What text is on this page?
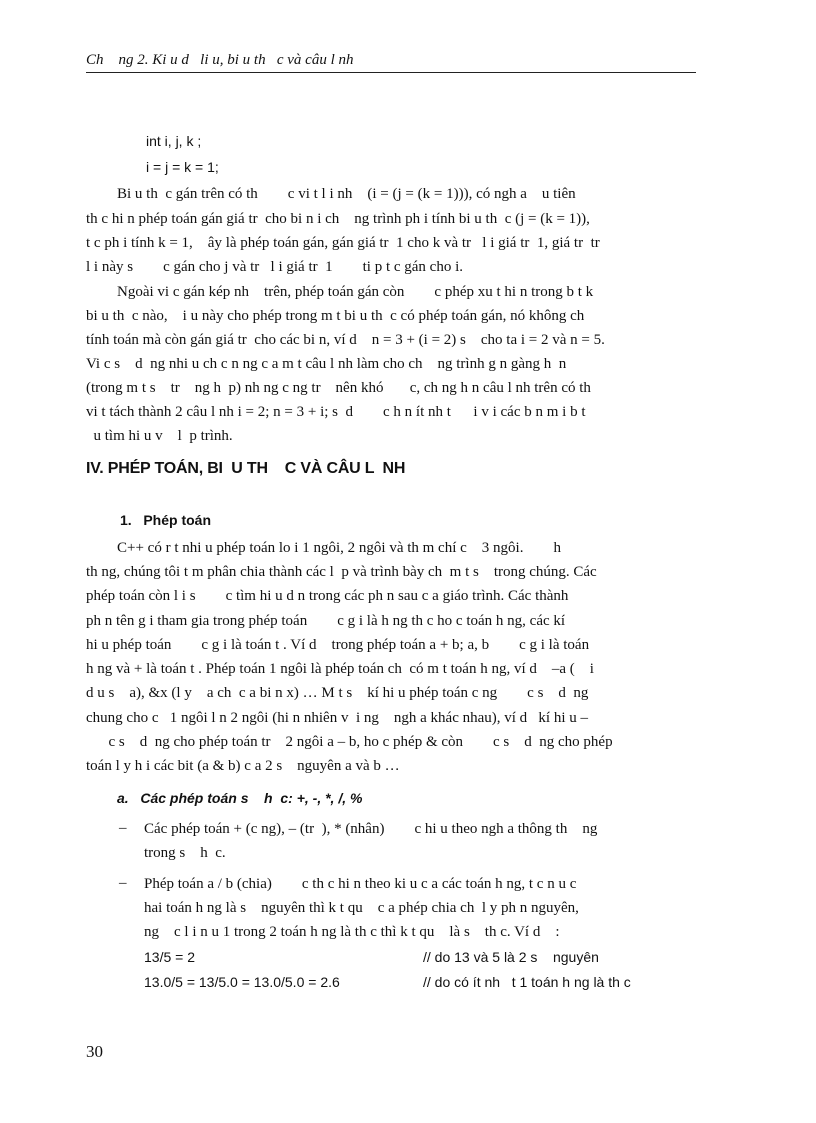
Ch    ng 2. Ki u d   li u, bi u th   c và câu l nh
int i, j, k ;
i = j = k = 1;
Bi u th  c gán trên có th        c vi t l i nh    (i = (j = (k = 1))), có ngh a    u tiên
th c hi n phép toán gán giá tr  cho bi n i ch    ng trình ph i tính bi u th  c (j = (k = 1)),
t c ph i tính k = 1,    ây là phép toán gán, gán giá tr  1 cho k và tr   l i giá tr  1, giá tr  tr
l i này s        c gán cho j và tr   l i giá tr  1        ti p t c gán cho i.
Ngoài vi c gán kép nh    trên, phép toán gán còn        c phép xu t hi n trong b t k
bi u th  c nào,    i u này cho phép trong m t bi u th  c có phép toán gán, nó không ch
tính toán mà còn gán giá tr  cho các bi n, ví d    n = 3 + (i = 2) s    cho ta i = 2 và n = 5.
Vi c s    d  ng nhi u ch c n ng c a m t câu l nh làm cho ch    ng trình g n gàng h  n
(trong m t s    tr    ng h  p) nh ng c ng tr    nên khó       c, ch ng h n câu l nh trên có th
vi t tách thành 2 câu l nh i = 2; n = 3 + i; s  d        c h n ít nh t      i v i các b n m i b t
u tìm hi u v    l  p trình.
IV. PHÉP TOÁN, BI  U TH    C VÀ CÂU L  NH
1.   Phép toán
C++ có r t nhi u phép toán lo i 1 ngôi, 2 ngôi và th m chí c    3 ngôi.        h
th ng, chúng tôi t m phân chia thành các l  p và trình bày ch  m t s    trong chúng. Các
phép toán còn l i s        c tìm hi u d n trong các ph n sau c a giáo trình. Các thành
ph n tên g i tham gia trong phép toán        c g i là h ng th c ho c toán h ng, các kí
hi u phép toán        c g i là toán t . Ví d    trong phép toán a + b; a, b        c g i là toán
h ng và + là toán t . Phép toán 1 ngôi là phép toán ch  có m t toán h ng, ví d    –a (    i
d u s    a), &x (l y    a ch  c a bi n x) … M t s    kí hi u phép toán c ng        c s    d  ng
chung cho c   1 ngôi l n 2 ngôi (hi n nhiên v  i ng    ngh a khác nhau), ví d   kí hi u –
c s    d  ng cho phép toán tr    2 ngôi a – b, ho c phép & còn        c s    d  ng cho phép
toán l y h i các bit (a & b) c a 2 s    nguyên a và b …
a.   Các phép toán s    h  c: +, -, *, /, %
– Các phép toán + (c ng), – (tr  ), * (nhân)        c hi u theo ngh a thông th    ng
trong s    h  c.
– Phép toán a / b (chia)        c th c hi n theo ki u c a các toán h ng, t c n u c
hai toán h ng là s    nguyên thì k t qu    c a phép chia ch  l y ph n nguyên,
ng    c l i n u 1 trong 2 toán h ng là th c thì k t qu    là s    th c. Ví d    :
13/5 = 2	// do 13 và 5 là 2 s    nguyên
13.0/5 = 13/5.0 = 13.0/5.0 = 2.6	// do có ít nh   t 1 toán h ng là th c
30
